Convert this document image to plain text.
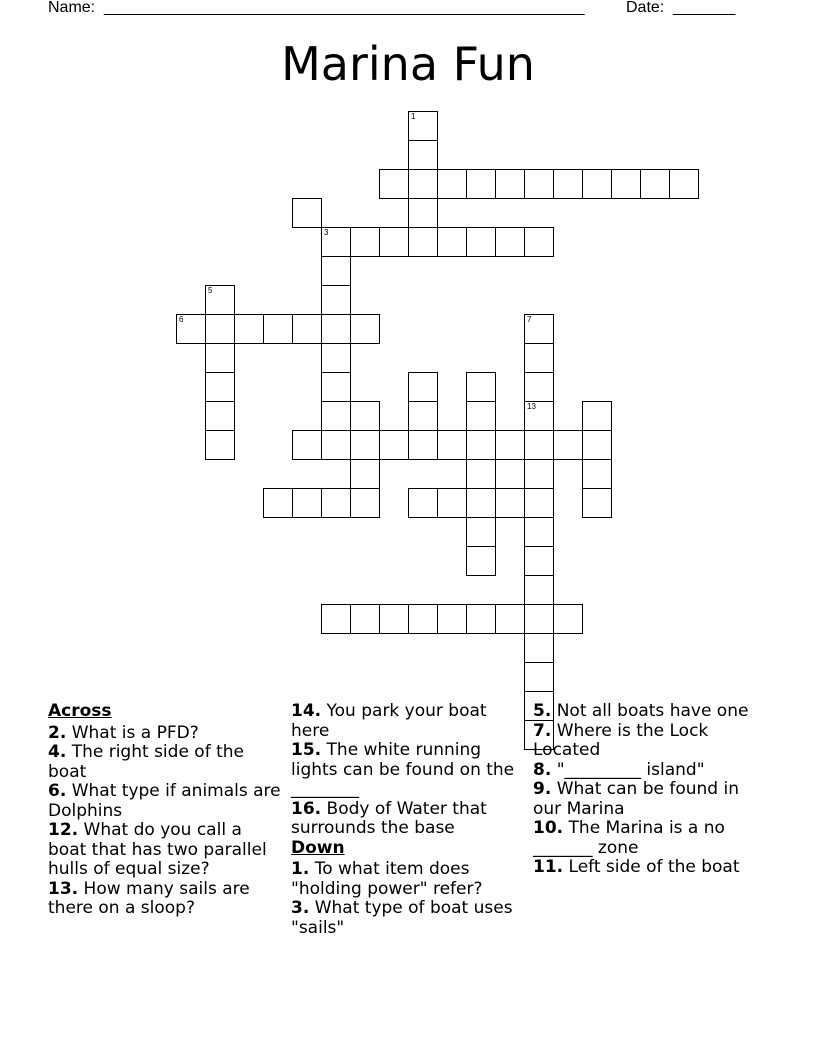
Name: ______________________________________________________	Date: _______
Marina Fun
1
3
5
6	7
13
Across
2. What is a PFD?
4. The right side of the boat
6. What type if animals are Dolphins
12. What do you call a boat that has two parallel hulls of equal size?
13. How many sails are there on a sloop?
14. You park your boat here
15. The white running lights can be found on the ________
16. Body of Water that surrounds the base
Down
1. To what item does "holding power" refer?
3. What type of boat uses "sails"
5. Not all boats have one
7. Where is the Lock Located
8. "_________ island"
9. What can be found in our Marina
10. The Marina is a no _______ zone
11. Left side of the boat
